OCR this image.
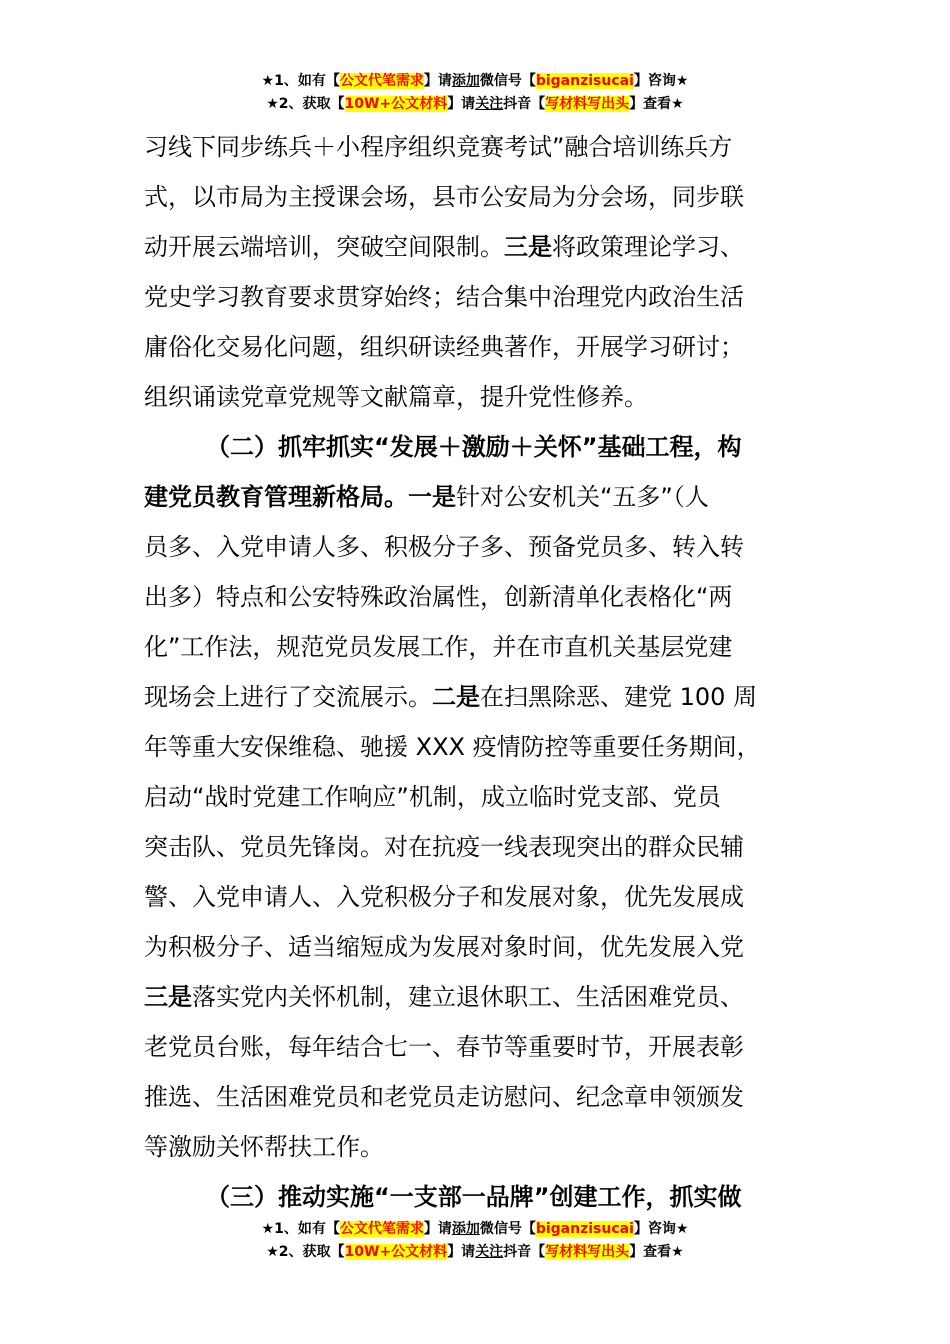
★1、如有【公文代笔需求】请添加微信号【biganzisucai】咨询★
★2、获取【10W+公文材料】请关注抖音【写材料写出头】查看★
习线下同步练兵＋小程序组织竞赛考试”融合培训练兵方
式，以市局为主授课会场，县市公安局为分会场，同步联
动开展云端培训，突破空间限制。三是将政策理论学习、
党史学习教育要求贯穿始终；结合集中治理党内政治生活
庸俗化交易化问题，组织研读经典著作，开展学习研讨；
组织诵读党章党规等文献篇章，提升党性修养。
（二）抓牢抓实“发展＋激励＋关怀”基础工程，构
建党员教育管理新格局。一是针对公安机关“五多”（人
员多、入党申请人多、积极分子多、预备党员多、转入转
出多）特点和公安特殊政治属性，创新清单化表格化“两
化”工作法，规范党员发展工作，并在市直机关基层党建
现场会上进行了交流展示。二是在扫黑除恶、建党 100 周
年等重大安保维稳、驰援 XXX 疫情防控等重要任务期间，
启动“战时党建工作响应”机制，成立临时党支部、党员
突击队、党员先锋岗。对在抗疫一线表现突出的群众民辅
警、入党申请人、入党积极分子和发展对象，优先发展成
为积极分子、适当缩短成为发展对象时间，优先发展入党
三是落实党内关怀机制，建立退休职工、生活困难党员、
老党员台账，每年结合七一、春节等重要时节，开展表彰
推选、生活困难党员和老党员走访慰问、纪念章申领颁发
等激励关怀帮扶工作。
（三）推动实施“一支部一品牌”创建工作，抓实做
★1、如有【公文代笔需求】请添加微信号【biganzisucai】咨询★
★2、获取【10W+公文材料】请关注抖音【写材料写出头】查看★
